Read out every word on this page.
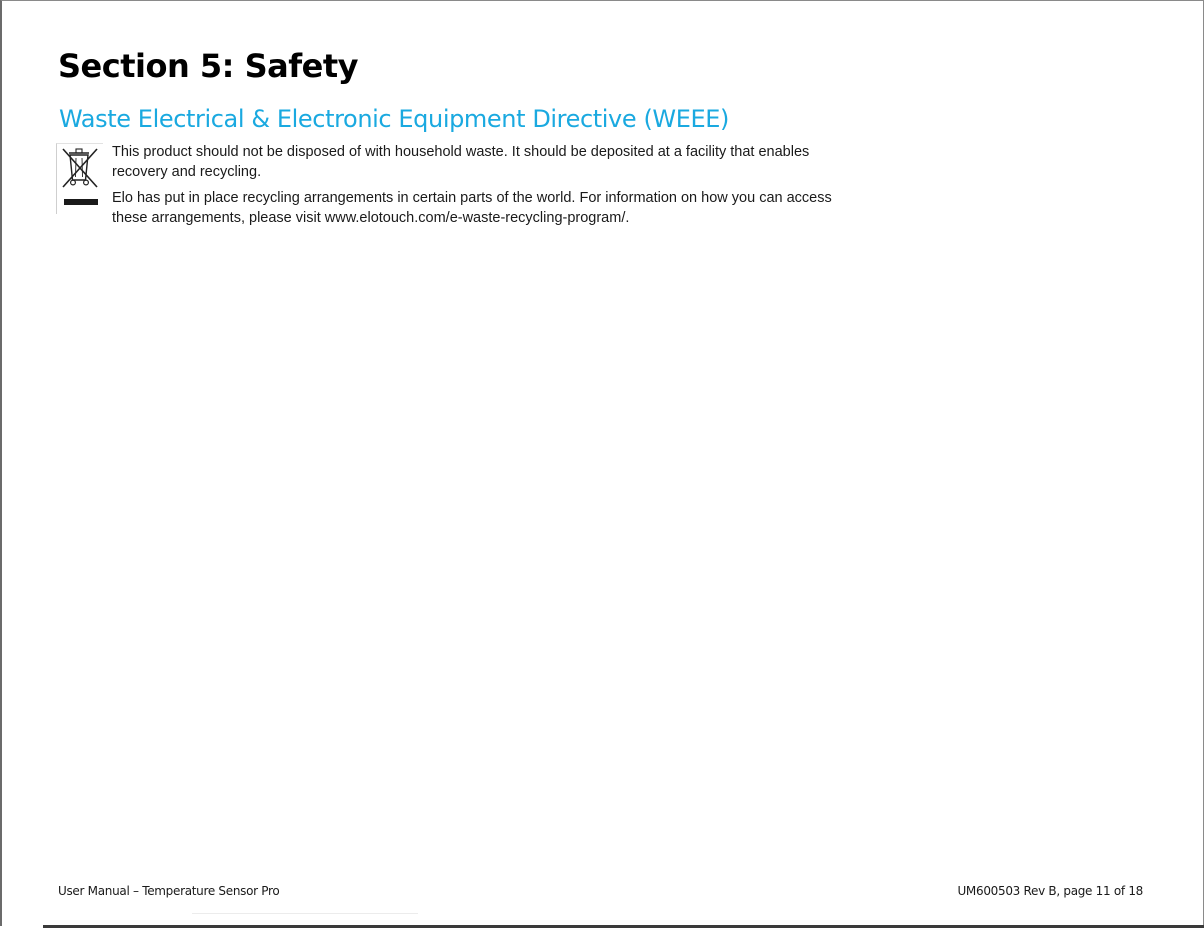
Section 5: Safety
Waste Electrical & Electronic Equipment Directive (WEEE)

This product should not be disposed of with household waste. It should be deposited at a facility that enables recovery and recycling.

Elo has put in place recycling arrangements in certain parts of the world. For information on how you can access these arrangements, please visit www.elotouch.com/e-waste-recycling-program/.

User Manual – Temperature Sensor Pro	UM600503 Rev B, page 11 of 18
